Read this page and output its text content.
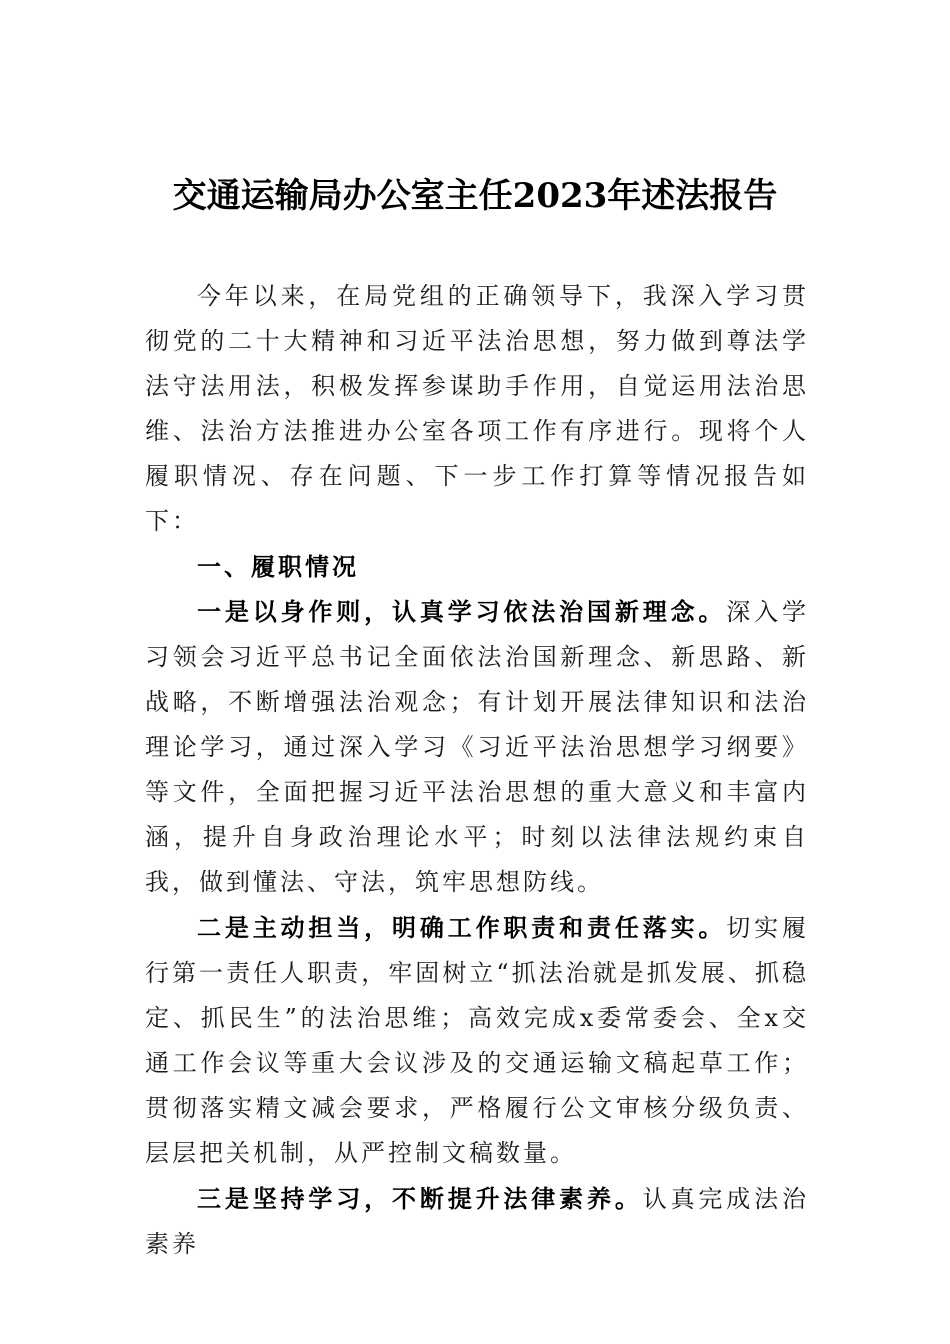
交通运输局办公室主任2023年述法报告

今年以来，在局党组的正确领导下，我深入学习贯彻党的二十大精神和习近平法治思想，努力做到尊法学法守法用法，积极发挥参谋助手作用，自觉运用法治思维、法治方法推进办公室各项工作有序进行。现将个人履职情况、存在问题、下一步工作打算等情况报告如下：

一、履职情况

一是以身作则，认真学习依法治国新理念。深入学习领会习近平总书记全面依法治国新理念、新思路、新战略，不断增强法治观念；有计划开展法律知识和法治理论学习，通过深入学习《习近平法治思想学习纲要》等文件，全面把握习近平法治思想的重大意义和丰富内涵，提升自身政治理论水平；时刻以法律法规约束自我，做到懂法、守法，筑牢思想防线。

二是主动担当，明确工作职责和责任落实。切实履行第一责任人职责，牢固树立“抓法治就是抓发展、抓稳定、抓民生”的法治思维；高效完成x委常委会、全x交通工作会议等重大会议涉及的交通运输文稿起草工作；贯彻落实精文减会要求，严格履行公文审核分级负责、层层把关机制，从严控制文稿数量。

三是坚持学习，不断提升法律素养。认真完成法治素养
